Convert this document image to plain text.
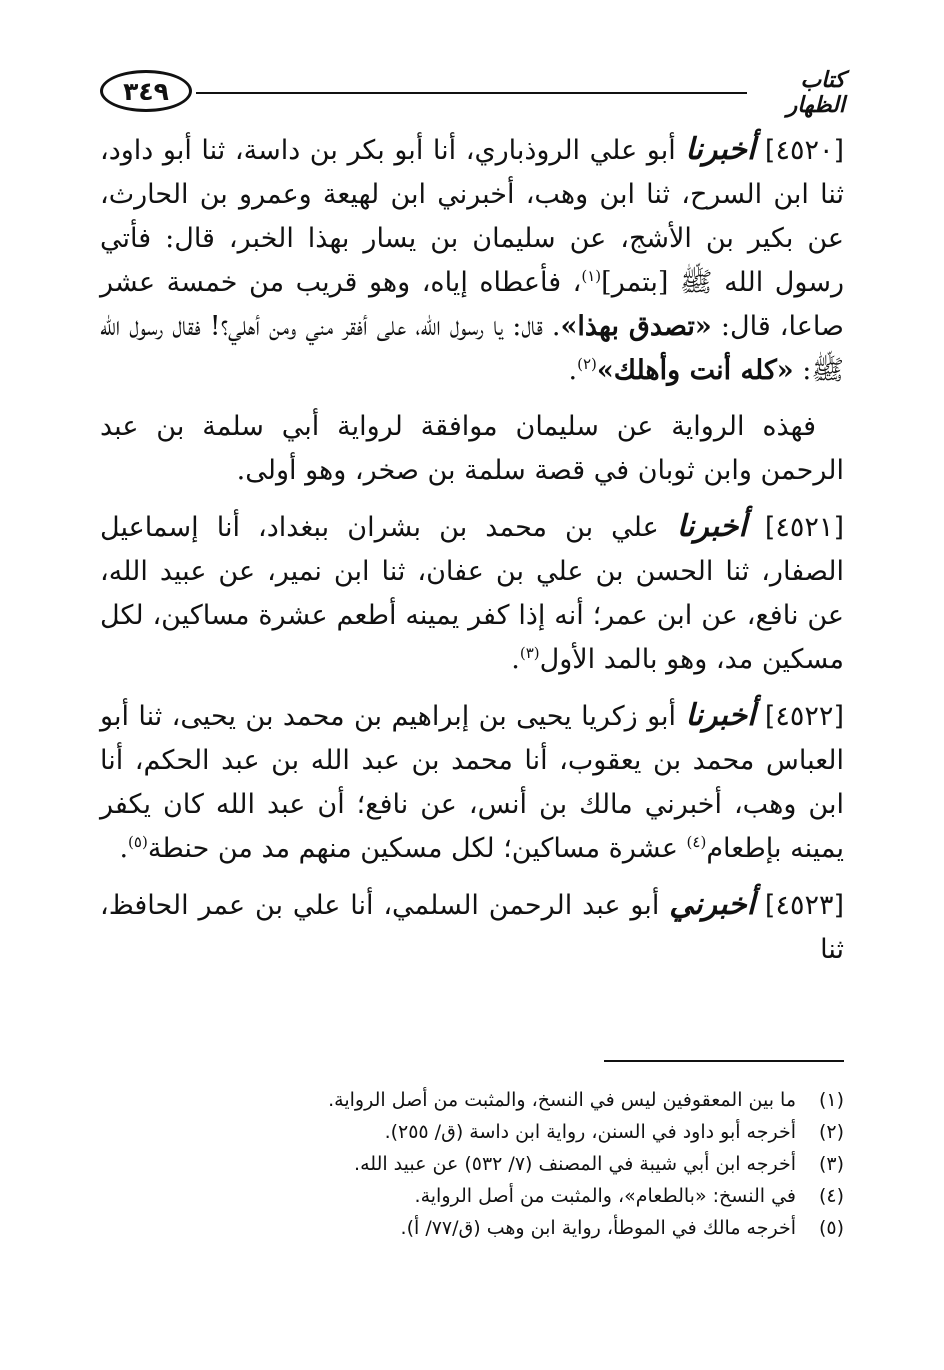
٣٤٩	كتاب الظهار

[٤٥٢٠] أخبرنا أبو علي الروذباري، أنا أبو بكر بن داسة، ثنا أبو داود، ثنا ابن السرح، ثنا ابن وهب، أخبرني ابن لهيعة وعمرو بن الحارث، عن بكير بن الأشج، عن سليمان بن يسار بهذا الخبر، قال: فأتي رسول الله ﷺ [بتمر]$^{(١)}$، فأعطاه إياه، وهو قريب من خمسة عشر صاعا، قال: «تصدق بهذا». قال: يا رسول الله، على أفقر مني ومن أهلي؟! فقال رسول الله ﷺ: «كله أنت وأهلك»$^{(٢)}$.

فهذه الرواية عن سليمان موافقة لرواية أبي سلمة بن عبد الرحمن وابن ثوبان في قصة سلمة بن صخر، وهو أولى.

[٤٥٢١] أخبرنا علي بن محمد بن بشران ببغداد، أنا إسماعيل الصفار، ثنا الحسن بن علي بن عفان، ثنا ابن نمير، عن عبيد الله، عن نافع، عن ابن عمر؛ أنه إذا كفر يمينه أطعم عشرة مساكين، لكل مسكين مد، وهو بالمد الأول$^{(٣)}$.

[٤٥٢٢] أخبرنا أبو زكريا يحيى بن إبراهيم بن محمد بن يحيى، ثنا أبو العباس محمد بن يعقوب، أنا محمد بن عبد الله بن عبد الحكم، أنا ابن وهب، أخبرني مالك بن أنس، عن نافع؛ أن عبد الله كان يكفر يمينه بإطعام$^{(٤)}$ عشرة مساكين؛ لكل مسكين منهم مد من حنطة$^{(٥)}$.

[٤٥٢٣] أخبرني أبو عبد الرحمن السلمي، أنا علي بن عمر الحافظ، ثنا

(١)
ما بين المعقوفين ليس في النسخ، والمثبت من أصل الرواية.
(٢)
أخرجه أبو داود في السنن، رواية ابن داسة (ق/ ٢٥٥).
(٣)
أخرجه ابن أبي شيبة في المصنف (٧/ ٥٣٢) عن عبيد الله.
(٤)
في النسخ: «بالطعام»، والمثبت من أصل الرواية.
(٥)
أخرجه مالك في الموطأ، رواية ابن وهب (ق/٧٧/ أ).
